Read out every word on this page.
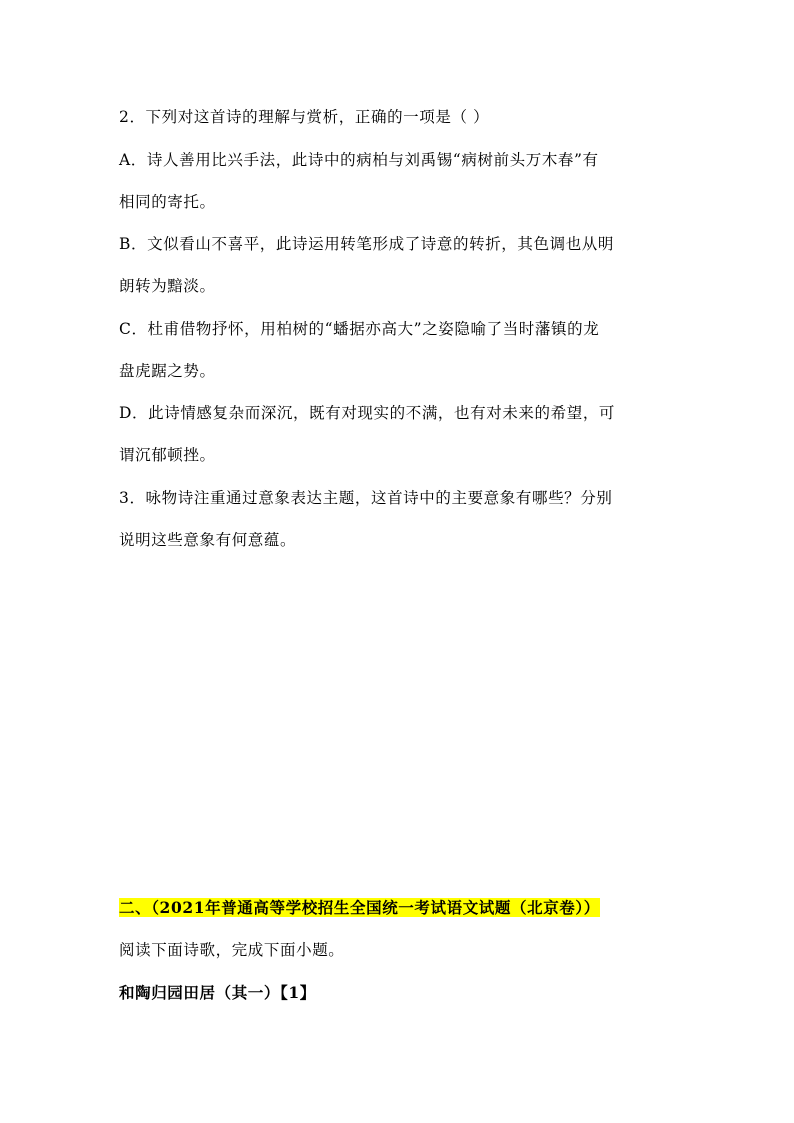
2．下列对这首诗的理解与赏析，正确的一项是（ ）
A．诗人善用比兴手法，此诗中的病柏与刘禹锡“病树前头万木春”有
相同的寄托。
B．文似看山不喜平，此诗运用转笔形成了诗意的转折，其色调也从明
朗转为黯淡。
C．杜甫借物抒怀，用柏树的“蟠据亦高大”之姿隐喻了当时藩镇的龙
盘虎踞之势。
D．此诗情感复杂而深沉，既有对现实的不满，也有对未来的希望，可
谓沉郁顿挫。
3．咏物诗注重通过意象表达主题，这首诗中的主要意象有哪些？分别
说明这些意象有何意蕴。
二、（2021年普通高等学校招生全国统一考试语文试题（北京卷））
阅读下面诗歌，完成下面小题。
和陶归园田居（其一）【1】
